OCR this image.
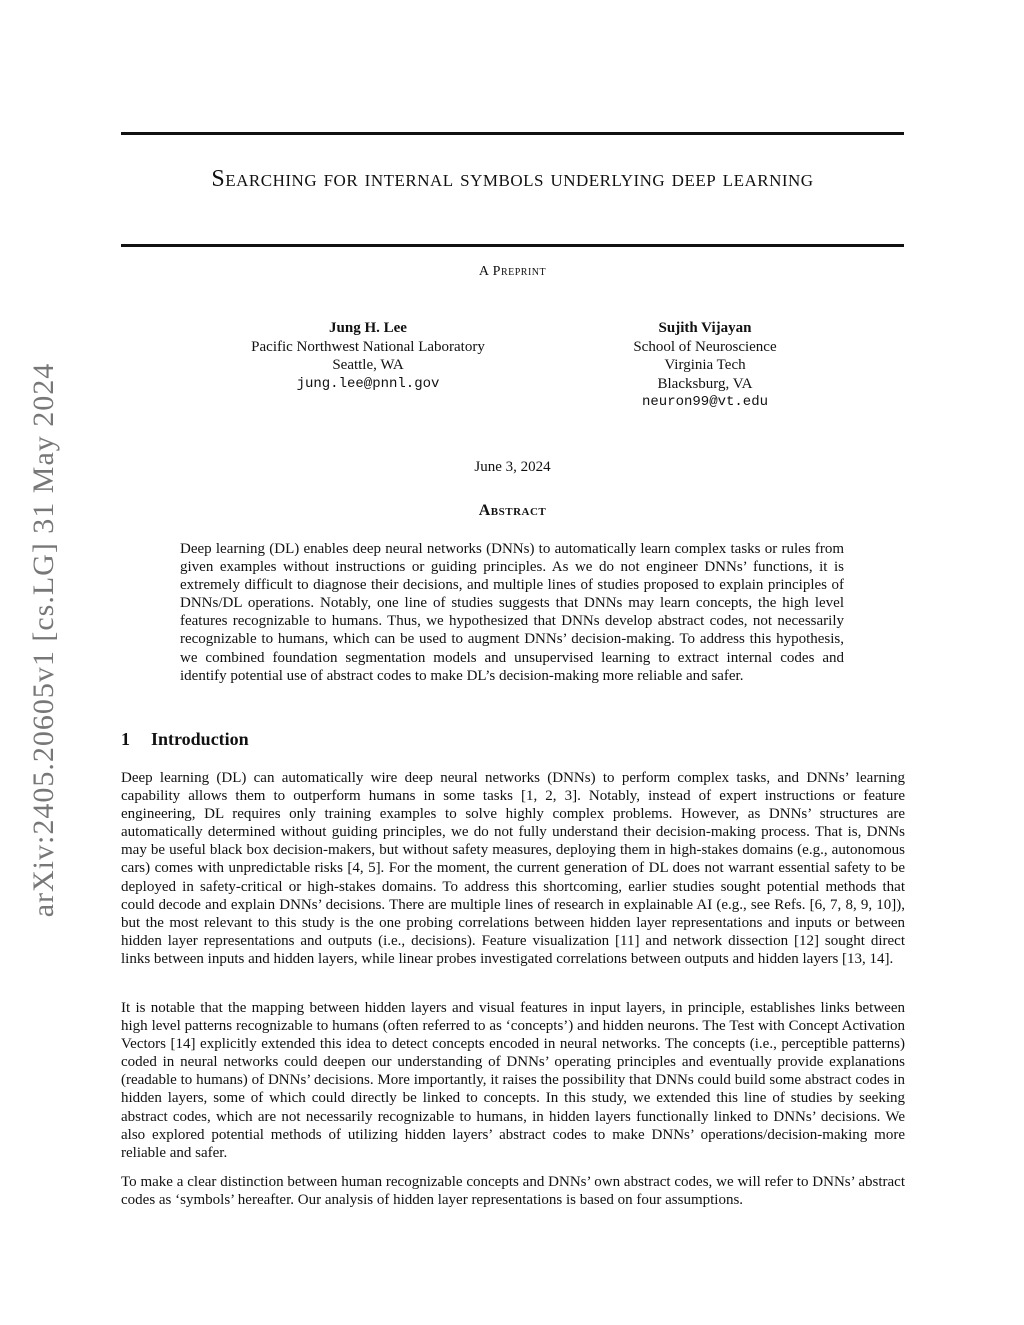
Searching for internal symbols underlying deep learning
A Preprint
Jung H. Lee
Pacific Northwest National Laboratory
Seattle, WA
jung.lee@pnnl.gov
Sujith Vijayan
School of Neuroscience
Virginia Tech
Blacksburg, VA
neuron99@vt.edu
June 3, 2024
Abstract

Deep learning (DL) enables deep neural networks (DNNs) to automatically learn complex tasks or rules from given examples without instructions or guiding principles. As we do not engineer DNNs’ functions, it is extremely difficult to diagnose their decisions, and multiple lines of studies proposed to explain principles of DNNs/DL operations. Notably, one line of studies suggests that DNNs may learn concepts, the high level features recognizable to humans. Thus, we hypothesized that DNNs develop abstract codes, not necessarily recognizable to humans, which can be used to augment DNNs’ decision-making. To address this hypothesis, we combined foundation segmentation models and unsupervised learning to extract internal codes and identify potential use of abstract codes to make DL’s decision-making more reliable and safer.

1 Introduction

Deep learning (DL) can automatically wire deep neural networks (DNNs) to perform complex tasks, and DNNs’ learning capability allows them to outperform humans in some tasks [1, 2, 3]. Notably, instead of expert instructions or feature engineering, DL requires only training examples to solve highly complex problems. However, as DNNs’ structures are automatically determined without guiding principles, we do not fully understand their decision-making process. That is, DNNs may be useful black box decision-makers, but without safety measures, deploying them in high-stakes domains (e.g., autonomous cars) comes with unpredictable risks [4, 5]. For the moment, the current generation of DL does not warrant essential safety to be deployed in safety-critical or high-stakes domains. To address this shortcoming, earlier studies sought potential methods that could decode and explain DNNs’ decisions. There are multiple lines of research in explainable AI (e.g., see Refs. [6, 7, 8, 9, 10]), but the most relevant to this study is the one probing correlations between hidden layer representations and inputs or between hidden layer representations and outputs (i.e., decisions). Feature visualization [11] and network dissection [12] sought direct links between inputs and hidden layers, while linear probes investigated correlations between outputs and hidden layers [13, 14].

It is notable that the mapping between hidden layers and visual features in input layers, in principle, establishes links between high level patterns recognizable to humans (often referred to as ‘concepts’) and hidden neurons. The Test with Concept Activation Vectors [14] explicitly extended this idea to detect concepts encoded in neural networks. The concepts (i.e., perceptible patterns) coded in neural networks could deepen our understanding of DNNs’ operating principles and eventually provide explanations (readable to humans) of DNNs’ decisions. More importantly, it raises the possibility that DNNs could build some abstract codes in hidden layers, some of which could directly be linked to concepts. In this study, we extended this line of studies by seeking abstract codes, which are not necessarily recognizable to humans, in hidden layers functionally linked to DNNs’ decisions. We also explored potential methods of utilizing hidden layers’ abstract codes to make DNNs’ operations/decision-making more reliable and safer.

To make a clear distinction between human recognizable concepts and DNNs’ own abstract codes, we will refer to DNNs’ abstract codes as ‘symbols’ hereafter. Our analysis of hidden layer representations is based on four assumptions.

arXiv:2405.20605v1 [cs.LG] 31 May 2024
